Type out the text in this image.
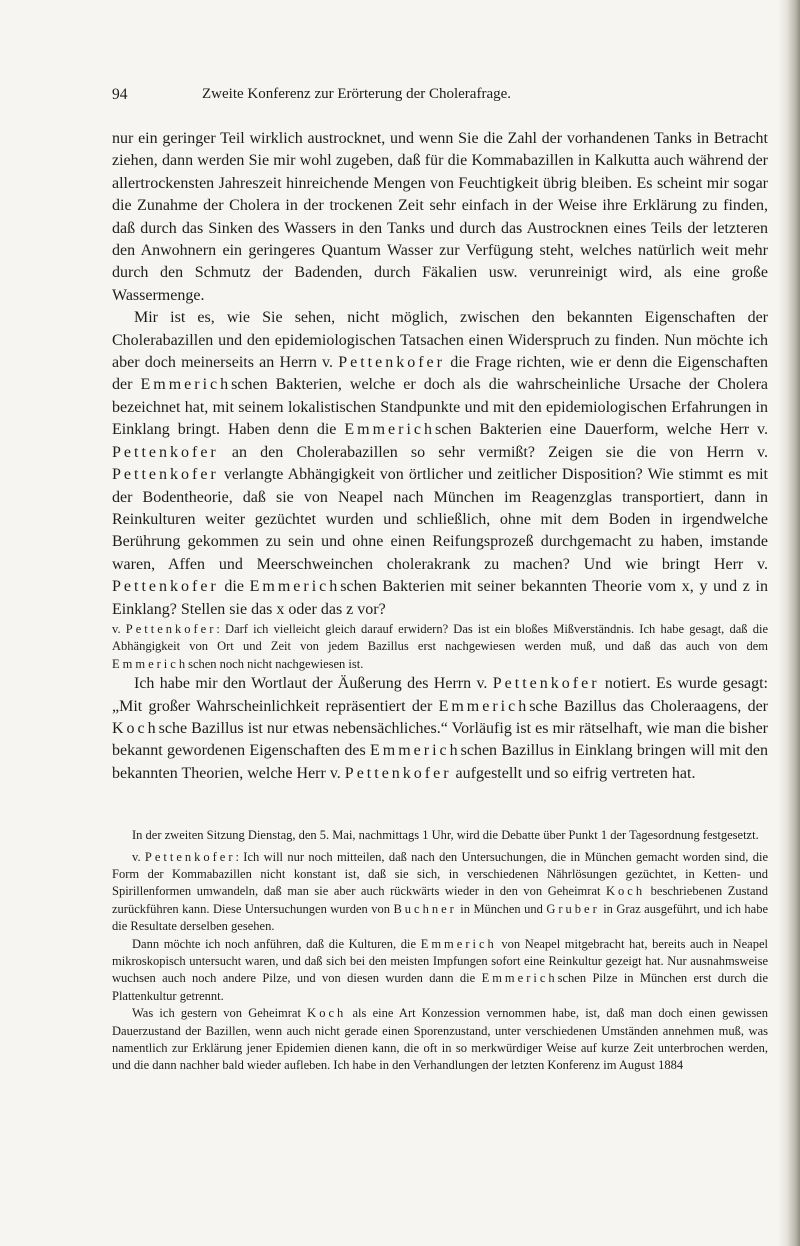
94	Zweite Konferenz zur Erörterung der Cholerafrage.

nur ein geringer Teil wirklich austrocknet, und wenn Sie die Zahl der vorhandenen Tanks in Betracht ziehen, dann werden Sie mir wohl zugeben, daß für die Kommabazillen in Kalkutta auch während der allertrockensten Jahreszeit hinreichende Mengen von Feuchtigkeit übrig bleiben. Es scheint mir sogar die Zunahme der Cholera in der trockenen Zeit sehr einfach in der Weise ihre Erklärung zu finden, daß durch das Sinken des Wassers in den Tanks und durch das Austrocknen eines Teils der letzteren den Anwohnern ein geringeres Quantum Wasser zur Verfügung steht, welches natürlich weit mehr durch den Schmutz der Badenden, durch Fäkalien usw. verunreinigt wird, als eine große Wassermenge.

Mir ist es, wie Sie sehen, nicht möglich, zwischen den bekannten Eigenschaften der Cholerabazillen und den epidemiologischen Tatsachen einen Widerspruch zu finden. Nun möchte ich aber doch meinerseits an Herrn v. Pettenkofer die Frage richten, wie er denn die Eigenschaften der Emmerichschen Bakterien, welche er doch als die wahrscheinliche Ursache der Cholera bezeichnet hat, mit seinem lokalistischen Standpunkte und mit den epidemiologischen Erfahrungen in Einklang bringt. Haben denn die Emmerichschen Bakterien eine Dauerform, welche Herr v. Pettenkofer an den Cholerabazillen so sehr vermißt? Zeigen sie die von Herrn v. Pettenkofer verlangte Abhängigkeit von örtlicher und zeitlicher Disposition? Wie stimmt es mit der Bodentheorie, daß sie von Neapel nach München im Reagenzglas transportiert, dann in Reinkulturen weiter gezüchtet wurden und schließlich, ohne mit dem Boden in irgendwelche Berührung gekommen zu sein und ohne einen Reifungsprozeß durchgemacht zu haben, imstande waren, Affen und Meerschweinchen cholerakrank zu machen? Und wie bringt Herr v. Pettenkofer die Emmerichschen Bakterien mit seiner bekannten Theorie vom x, y und z in Einklang? Stellen sie das x oder das z vor?

v. Pettenkofer: Darf ich vielleicht gleich darauf erwidern? Das ist ein bloßes Mißverständnis. Ich habe gesagt, daß die Abhängigkeit von Ort und Zeit von jedem Bazillus erst nachgewiesen werden muß, und daß das auch von dem Emmerichschen noch nicht nachgewiesen ist.

Ich habe mir den Wortlaut der Äußerung des Herrn v. Pettenkofer notiert. Es wurde gesagt: „Mit großer Wahrscheinlichkeit repräsentiert der Emmerichsche Bazillus das Choleraagens, der Kochsche Bazillus ist nur etwas nebensächliches.“ Vorläufig ist es mir rätselhaft, wie man die bisher bekannt gewordenen Eigenschaften des Emmerichschen Bazillus in Einklang bringen will mit den bekannten Theorien, welche Herr v. Pettenkofer aufgestellt und so eifrig vertreten hat.

In der zweiten Sitzung Dienstag, den 5. Mai, nachmittags 1 Uhr, wird die Debatte über Punkt 1 der Tagesordnung festgesetzt.

v. Pettenkofer: Ich will nur noch mitteilen, daß nach den Untersuchungen, die in München gemacht worden sind, die Form der Kommabazillen nicht konstant ist, daß sie sich, in verschiedenen Nährlösungen gezüchtet, in Ketten- und Spirillenformen umwandeln, daß man sie aber auch rückwärts wieder in den von Geheimrat Koch beschriebenen Zustand zurückführen kann. Diese Untersuchungen wurden von Buchner in München und Gruber in Graz ausgeführt, und ich habe die Resultate derselben gesehen.

Dann möchte ich noch anführen, daß die Kulturen, die Emmerich von Neapel mitgebracht hat, bereits auch in Neapel mikroskopisch untersucht waren, und daß sich bei den meisten Impfungen sofort eine Reinkultur gezeigt hat. Nur ausnahmsweise wuchsen auch noch andere Pilze, und von diesen wurden dann die Emmerichschen Pilze in München erst durch die Plattenkultur getrennt.

Was ich gestern von Geheimrat Koch als eine Art Konzession vernommen habe, ist, daß man doch einen gewissen Dauerzustand der Bazillen, wenn auch nicht gerade einen Sporenzustand, unter verschiedenen Umständen annehmen muß, was namentlich zur Erklärung jener Epidemien dienen kann, die oft in so merkwürdiger Weise auf kurze Zeit unterbrochen werden, und die dann nachher bald wieder aufleben. Ich habe in den Verhandlungen der letzten Konferenz im August 1884
